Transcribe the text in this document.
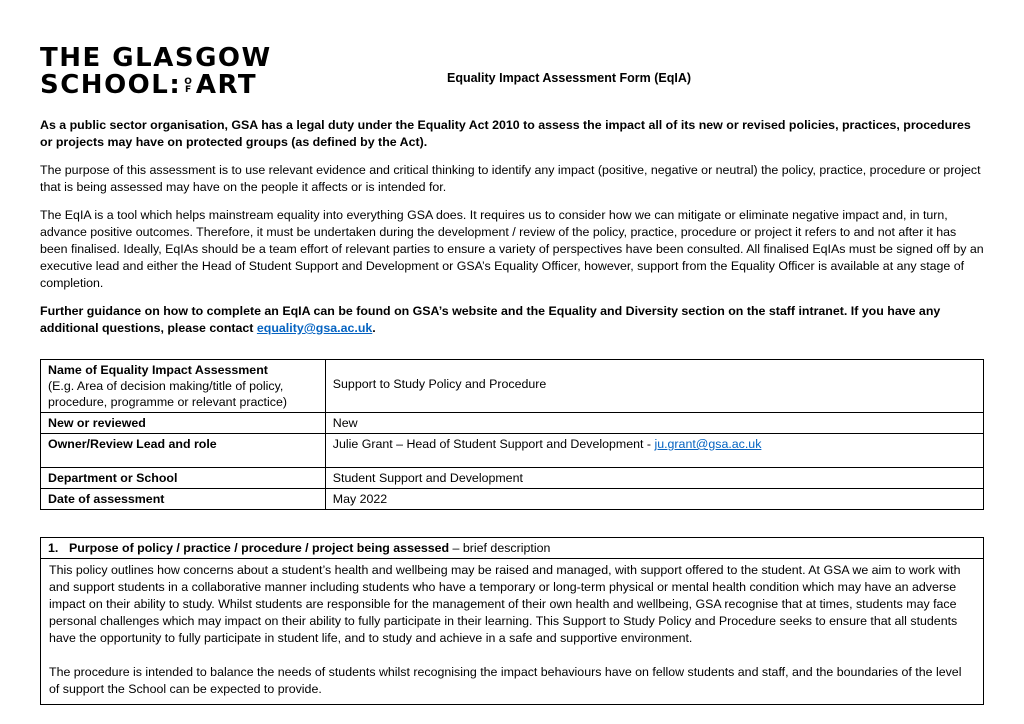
THE GLASGOW
SCHOOL: O
F ART	Equality Impact Assessment Form (EqIA)

As a public sector organisation, GSA has a legal duty under the Equality Act 2010 to assess the impact all of its new or revised policies, practices, procedures or projects may have on protected groups (as defined by the Act).

The purpose of this assessment is to use relevant evidence and critical thinking to identify any impact (positive, negative or neutral) the policy, practice, procedure or project that is being assessed may have on the people it affects or is intended for.

The EqIA is a tool which helps mainstream equality into everything GSA does. It requires us to consider how we can mitigate or eliminate negative impact and, in turn, advance positive outcomes. Therefore, it must be undertaken during the development / review of the policy, practice, procedure or project it refers to and not after it has been finalised. Ideally, EqIAs should be a team effort of relevant parties to ensure a variety of perspectives have been consulted. All finalised EqIAs must be signed off by an executive lead and either the Head of Student Support and Development or GSA’s Equality Officer, however, support from the Equality Officer is available at any stage of completion.

Further guidance on how to complete an EqIA can be found on GSA’s website and the Equality and Diversity section on the staff intranet. If you have any additional questions, please contact equality@gsa.ac.uk.

Name of Equality Impact Assessment
(E.g. Area of decision making/title of policy, procedure, programme or relevant practice)	Support to Study Policy and Procedure

New or reviewed	New
Owner/Review Lead and role	Julie Grant – Head of Student Support and Development - ju.grant@gsa.ac.uk
Department or School	Student Support and Development
Date of assessment	May 2022
1. Purpose of policy / practice / procedure / project being assessed – brief description

This policy outlines how concerns about a student’s health and wellbeing may be raised and managed, with support offered to the student. At GSA we aim to work with and support students in a collaborative manner including students who have a temporary or long-term physical or mental health condition which may have an adverse impact on their ability to study. Whilst students are responsible for the management of their own health and wellbeing, GSA recognise that at times, students may face personal challenges which may impact on their ability to fully participate in their learning. This Support to Study Policy and Procedure seeks to ensure that all students have the opportunity to fully participate in student life, and to study and achieve in a safe and supportive environment.

The procedure is intended to balance the needs of students whilst recognising the impact behaviours have on fellow students and staff, and the boundaries of the level of support the School can be expected to provide.
